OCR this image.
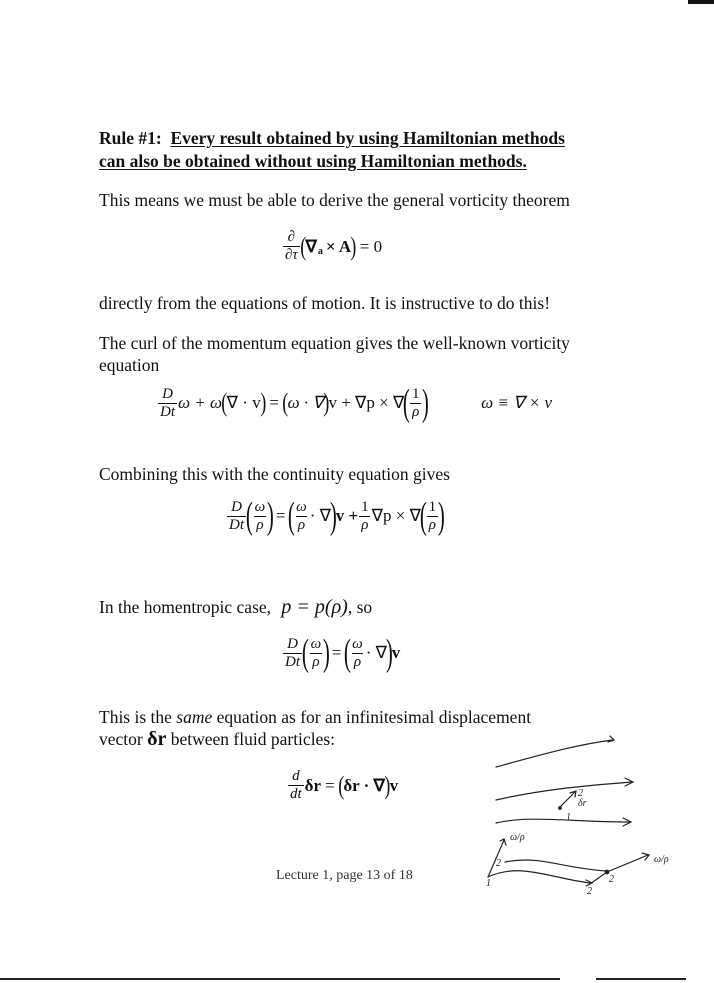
Rule #1: Every result obtained by using Hamiltonian methods
can also be obtained without using Hamiltonian methods.
This means we must be able to derive the general vorticity theorem
$\frac{\partial}{\partial\tau}$ ( ∇ a × A ) = 0
directly from the equations of motion. It is instructive to do this!
The curl of the momentum equation gives the well-known vorticity
equation
$\frac{D}{Dt}$ ω + ω ( ∇ · v ) = ( ω · ∇ ) v + ∇p × ∇
( $\frac{1}{\rho}$ )	ω ≡ ∇ × v
Combining this with the continuity equation gives
$\frac{D}{Dt}$ ( $\frac{\omega}{\rho}$ ) = ( $\frac{\omega}{\rho}$ · ∇
)
$v + \frac{1}{\rho} \nabla p$ × ∇
( $\frac{1}{\rho}$ )
In the homentropic case, p = p(ρ), so
$\frac{D}{Dt}$ ( $\frac{\omega}{\rho}$ ) = ( $\frac{\omega}{\rho}$ · ∇
)
v
This is the same equation as for an infinitesimal displacement
vector δr between fluid particles:
$\frac{d}{dt}$ δr = ( δr · ∇ ) v	2
δr
1
ω/ρ
2
1
2
2
ω/ρ
Lecture 1, page 13 of 18
